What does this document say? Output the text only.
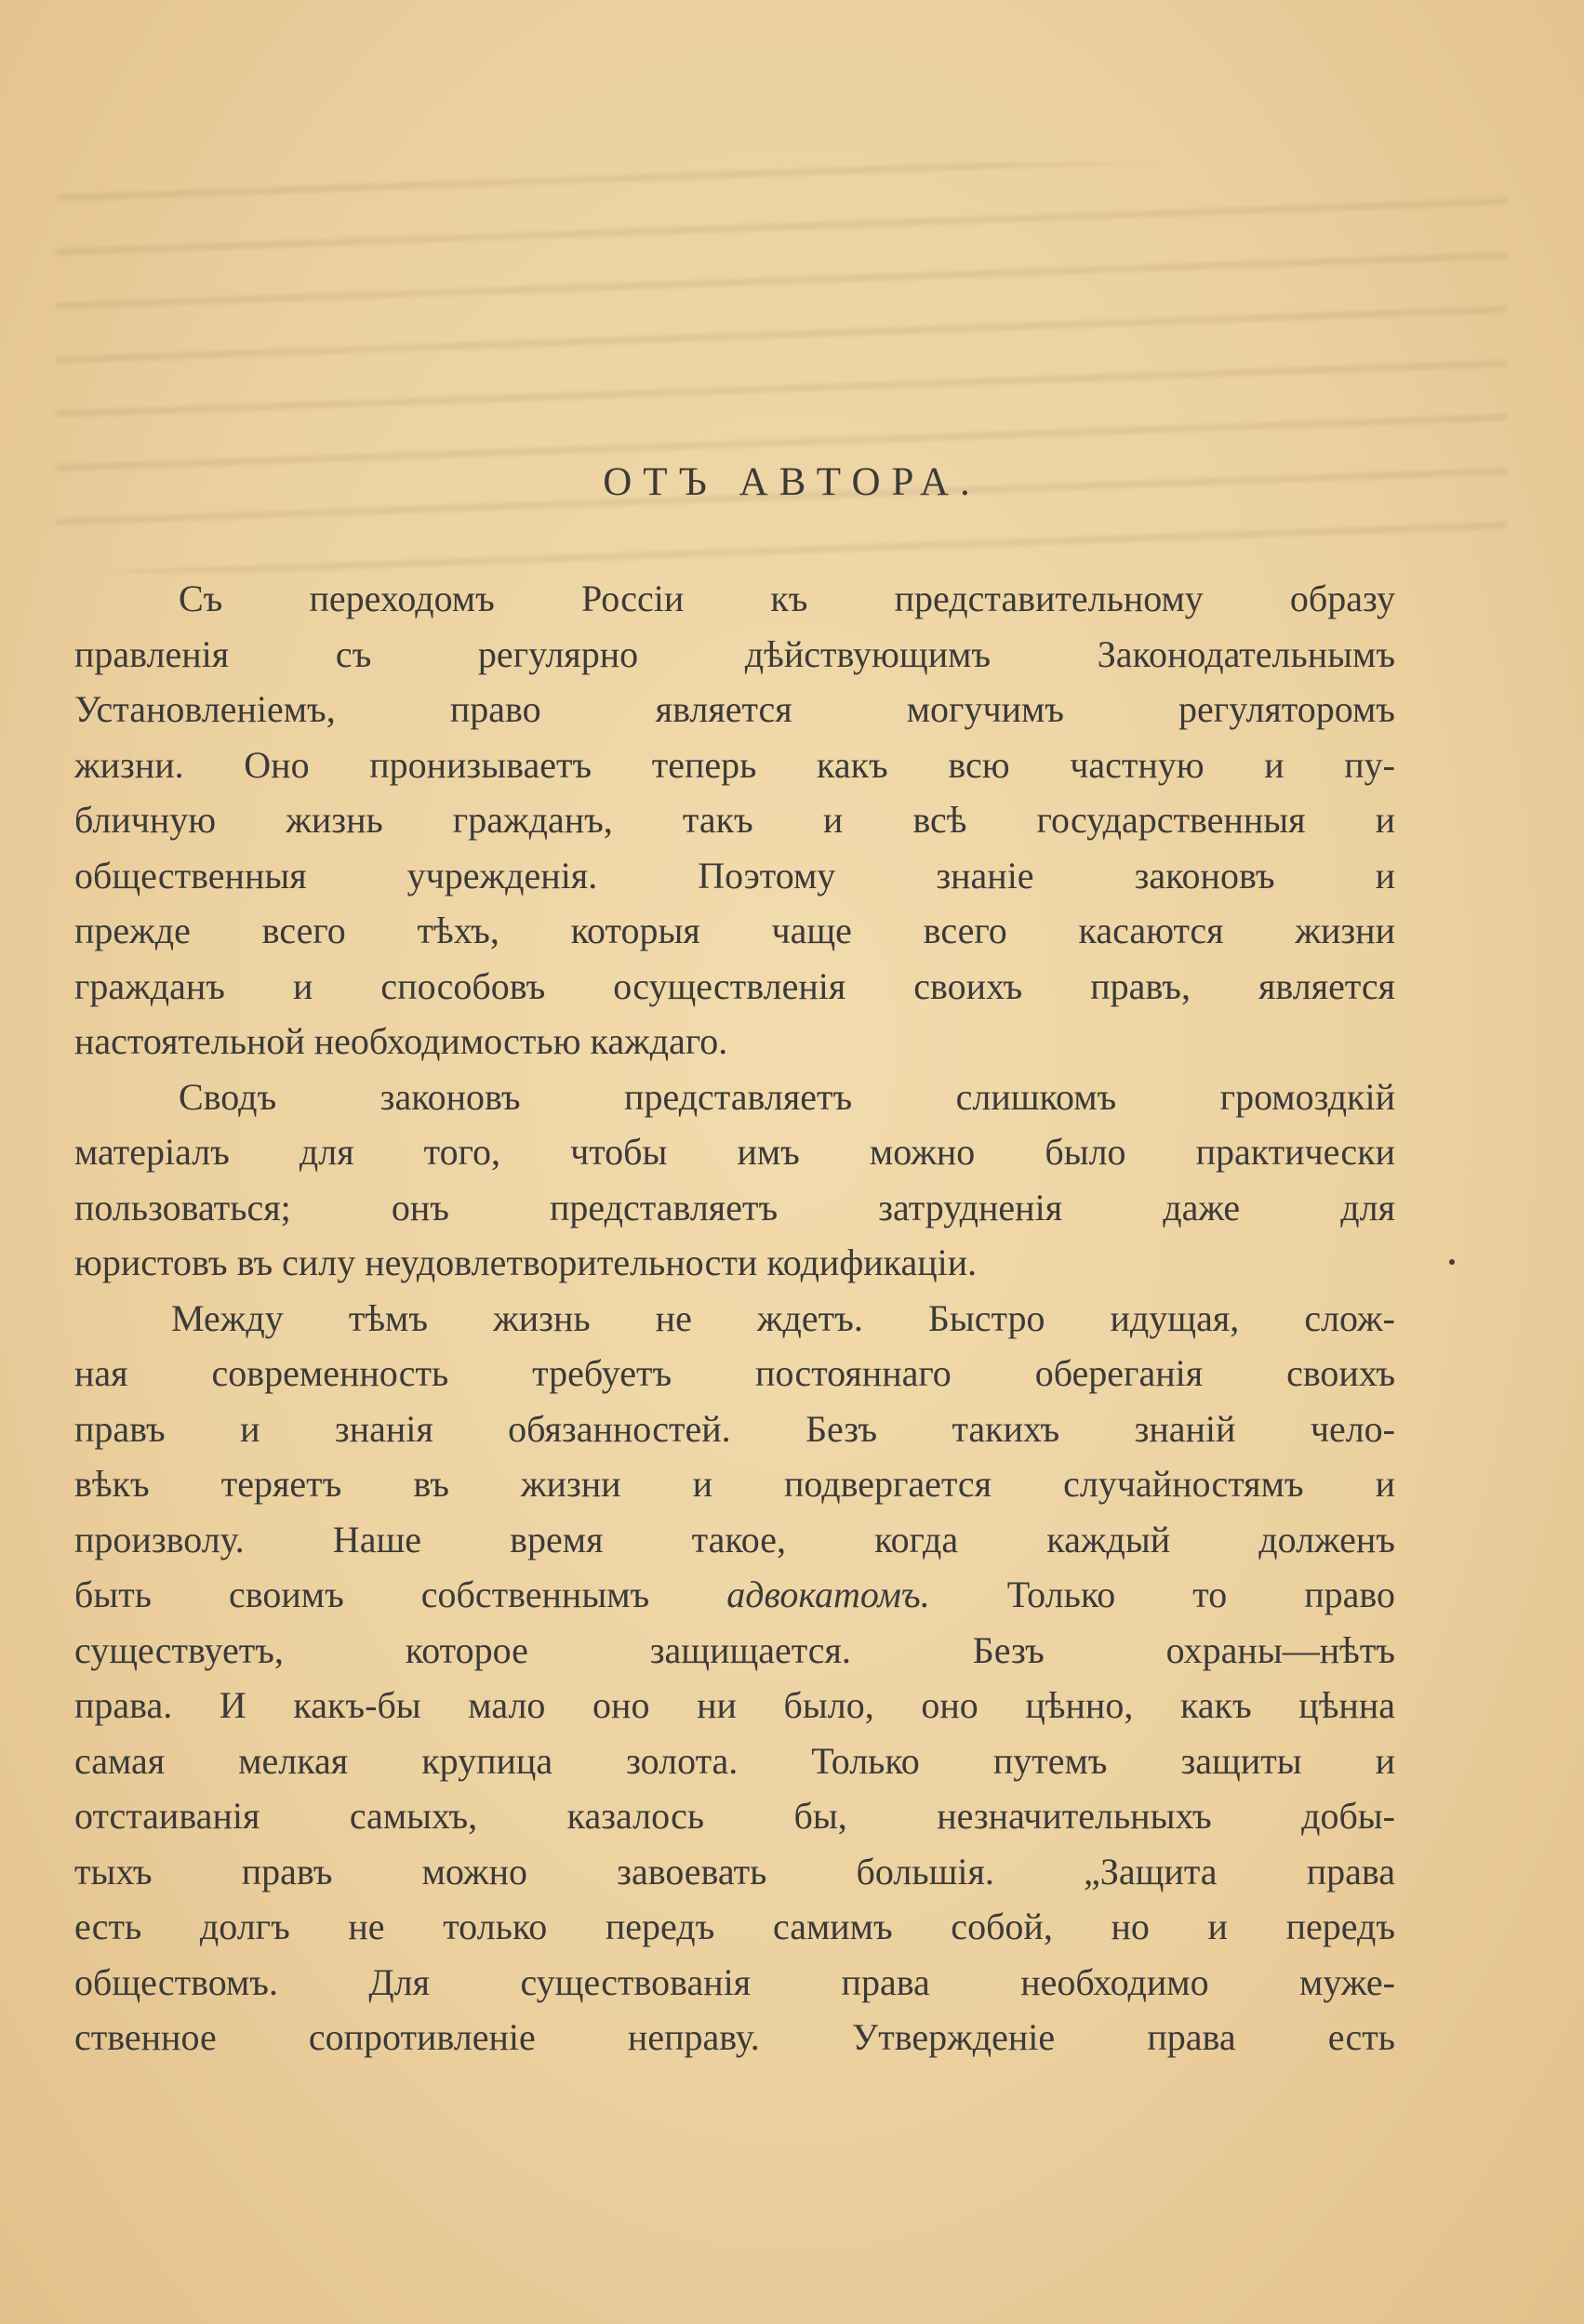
ОТЪ АВТОРА.
Съ переходомъ Россіи къ представительному образу
правленія съ регулярно дѣйствующимъ Законодательнымъ
Установленіемъ, право является могучимъ регуляторомъ
жизни. Оно пронизываетъ теперь какъ всю частную и пу-
бличную жизнь гражданъ, такъ и всѣ государственныя и
общественныя учрежденія. Поэтому знаніе законовъ и
прежде всего тѣхъ, которыя чаще всего касаются жизни
гражданъ и способовъ осуществленія своихъ правъ, является
настоятельной необходимостью каждаго.
Сводъ законовъ представляетъ слишкомъ громоздкій
матеріалъ для того, чтобы имъ можно было практически
пользоваться; онъ представляетъ затрудненія даже для
юристовъ въ силу неудовлетворительности кодификаціи.
Между тѣмъ жизнь не ждетъ. Быстро идущая, слож-
ная современность требуетъ постояннаго оберeганія своихъ
правъ и знанія обязанностей. Безъ такихъ знаній чело-
вѣкъ теряетъ въ жизни и подвергается случайностямъ и
произволу. Наше время такое, когда каждый долженъ
быть своимъ собственнымъ адвокатомъ. Только то право
существуетъ, которое защищается. Безъ охраны—нѣтъ
права. И какъ-бы мало оно ни было, оно цѣнно, какъ цѣнна
самая мелкая крупица золота. Только путемъ защиты и
отстаиванія самыхъ, казалось бы, незначительныхъ добы-
тыхъ правъ можно завоевать большія. „Защита права
есть долгъ не только передъ самимъ собой, но и передъ
обществомъ. Для существованія права необходимо муже-
ственное сопротивленіе неправу. Утвержденіе права есть
